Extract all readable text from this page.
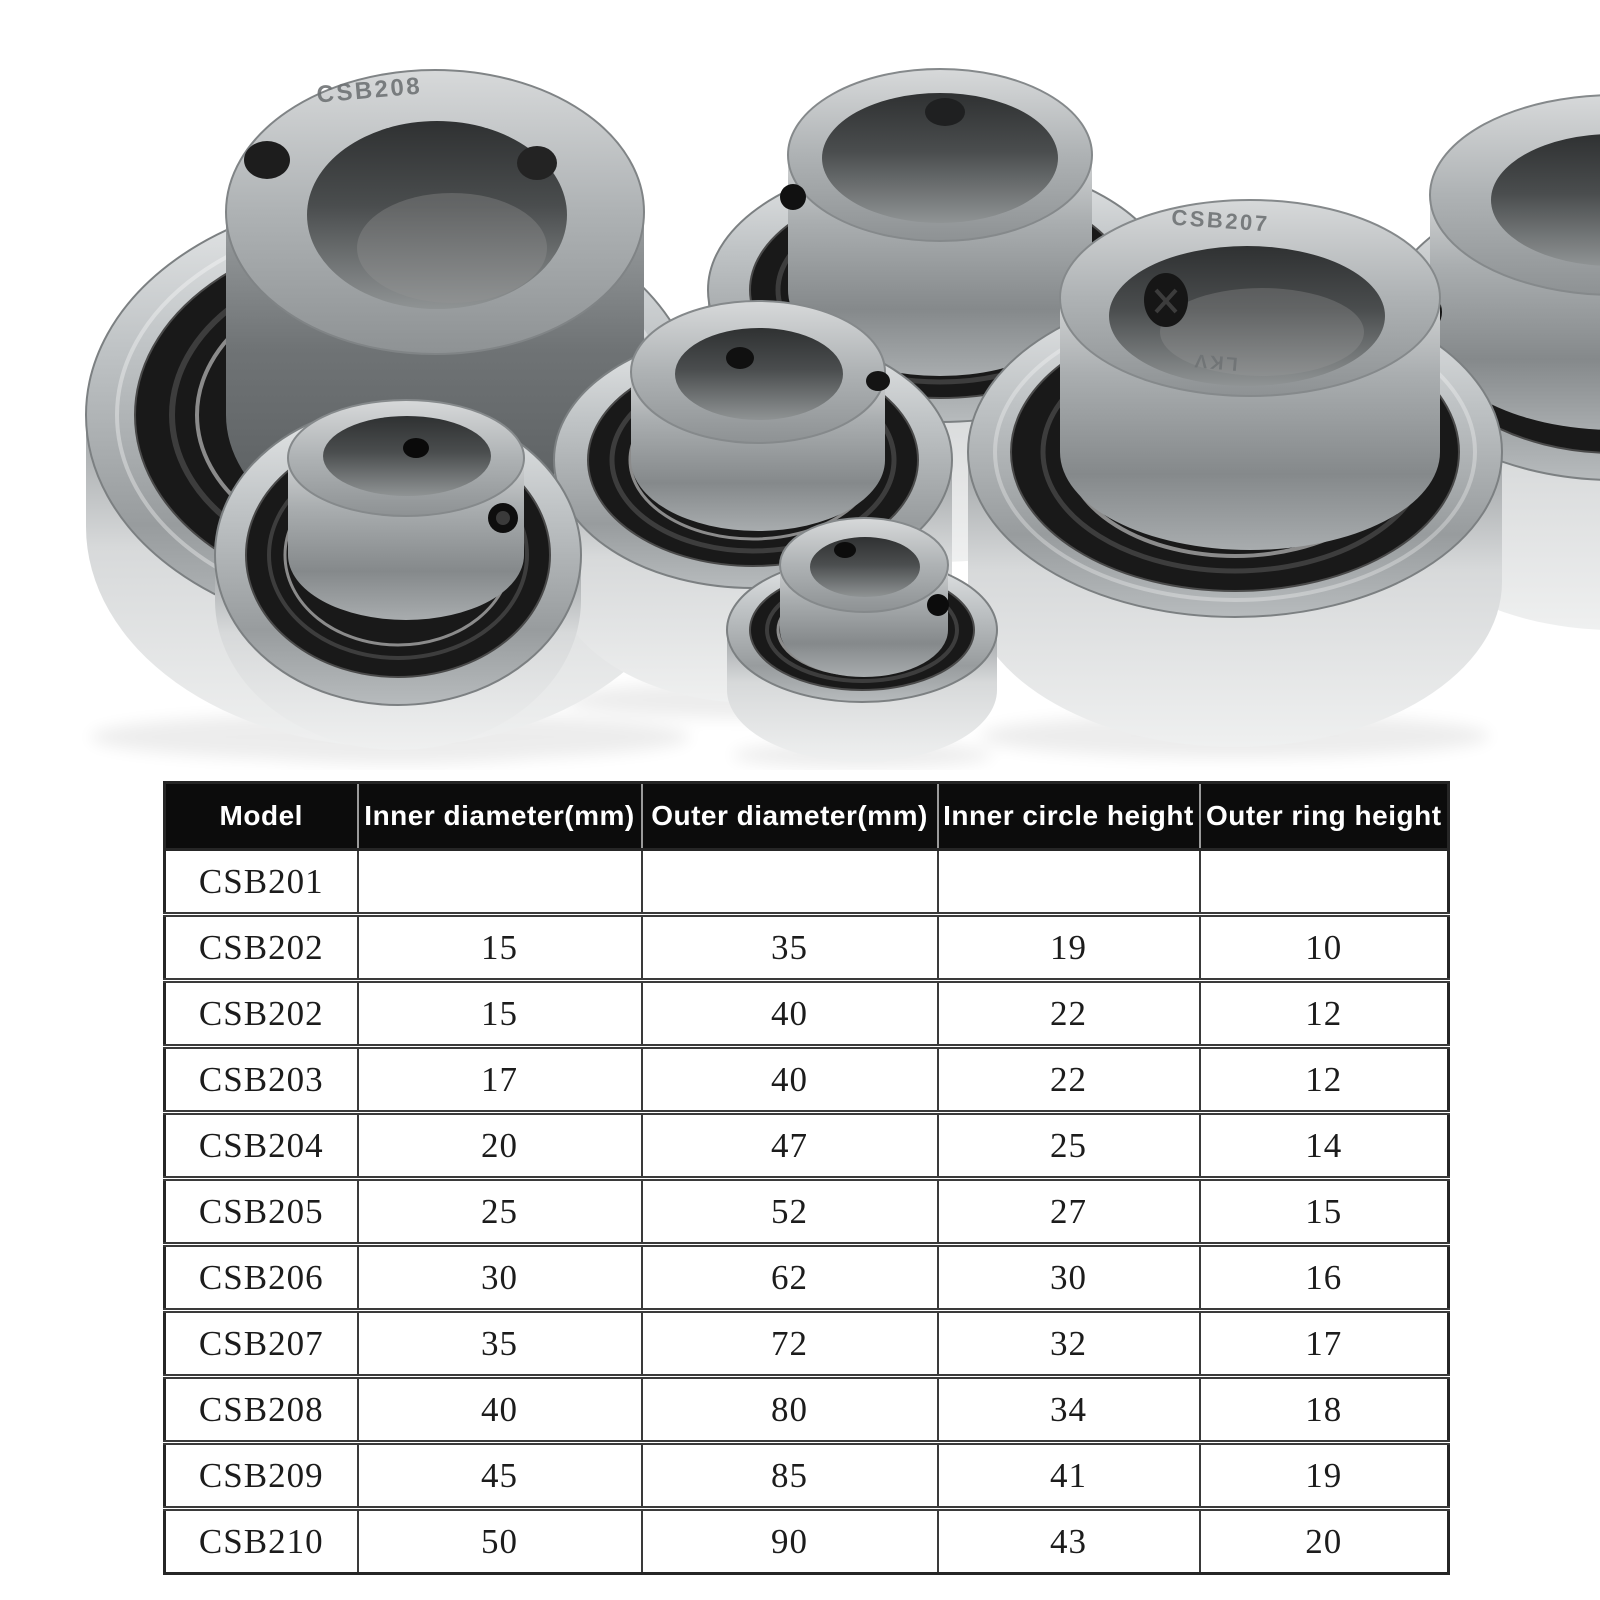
CSB208
CSB207
LKV
Model	Inner diameter(mm)	Outer diameter(mm)	Inner circle height	Outer ring height
CSB201				
CSB202	15	35	19	10
CSB202	15	40	22	12
CSB203	17	40	22	12
CSB204	20	47	25	14
CSB205	25	52	27	15
CSB206	30	62	30	16
CSB207	35	72	32	17
CSB208	40	80	34	18
CSB209	45	85	41	19
CSB210	50	90	43	20
